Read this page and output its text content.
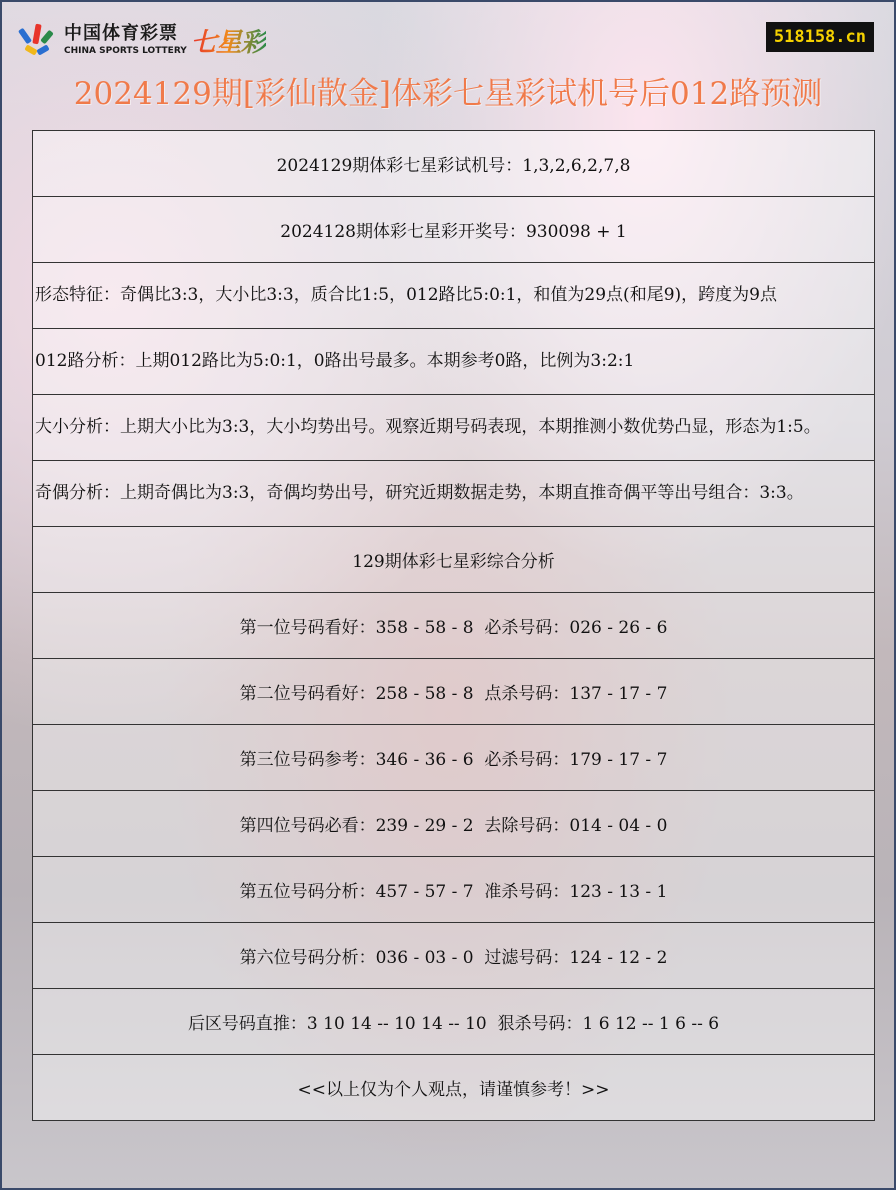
中国体育彩票
CHINA SPORTS LOTTERY 七星彩	518158.cn
2024129期[彩仙散金]体彩七星彩试机号后012路预测
2024129期体彩七星彩试机号：1,3,2,6,2,7,8
2024128期体彩七星彩开奖号：930098 + 1
形态特征：奇偶比3:3，大小比3:3，质合比1:5，012路比5:0:1，和值为29点(和尾9)，跨度为9点
012路分析：上期012路比为5:0:1，0路出号最多。本期参考0路，比例为3:2:1
大小分析：上期大小比为3:3，大小均势出号。观察近期号码表现，本期推测小数优势凸显，形态为1:5。
奇偶分析：上期奇偶比为3:3，奇偶均势出号，研究近期数据走势，本期直推奇偶平等出号组合：3:3。
129期体彩七星彩综合分析
第一位号码看好：358 - 58 - 8  必杀号码：026 - 26 - 6
第二位号码看好：258 - 58 - 8  点杀号码：137 - 17 - 7
第三位号码参考：346 - 36 - 6  必杀号码：179 - 17 - 7
第四位号码必看：239 - 29 - 2  去除号码：014 - 04 - 0
第五位号码分析：457 - 57 - 7  准杀号码：123 - 13 - 1
第六位号码分析：036 - 03 - 0  过滤号码：124 - 12 - 2
后区号码直推：3 10 14 -- 10 14 -- 10  狠杀号码：1 6 12 -- 1 6 -- 6
<<以上仅为个人观点，请谨慎参考！>>
